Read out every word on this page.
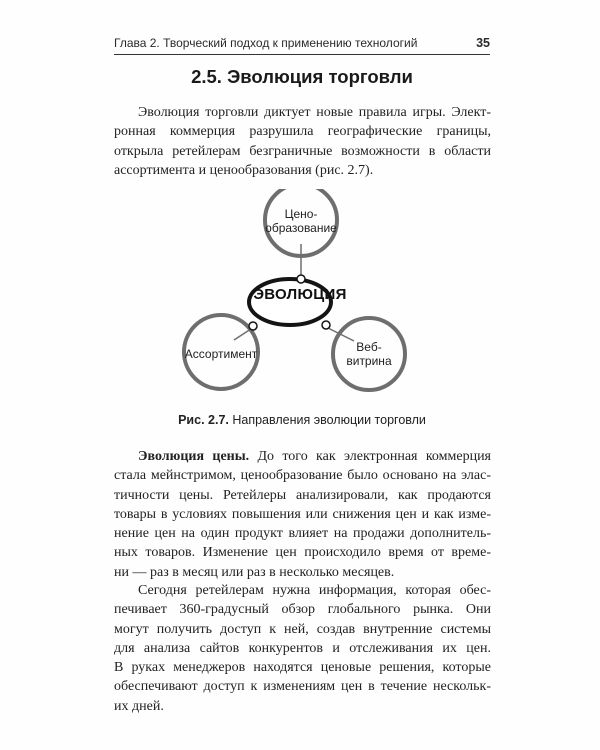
Глава 2. Творческий подход к применению технологий	35
2.5. Эволюция торговли
Эволюция торговли диктует новые правила игры. Элект-
ронная коммерция разрушила географические границы,
открыла ретейлерам безграничные возможности в области
ассортимента и ценообразования (рис. 2.7).
Цено-
образование
Ассортимент	Веб-
витрина
ЭВОЛЮЦИЯ
Рис. 2.7. Направления эволюции торговли
Эволюция цены. До того как электронная коммерция
стала мейнстримом, ценообразование было основано на элас-
тичности цены. Ретейлеры анализировали, как продаются
товары в условиях повышения или снижения цен и как изме-
нение цен на один продукт влияет на продажи дополнитель-
ных товаров. Изменение цен происходило время от време-
ни — раз в месяц или раз в несколько месяцев.
Сегодня ретейлерам нужна информация, которая обес-
печивает 360-градусный обзор глобального рынка. Они
могут получить доступ к ней, создав внутренние системы
для анализа сайтов конкурентов и отслеживания их цен.
В руках менеджеров находятся ценовые решения, которые
обеспечивают доступ к изменениям цен в течение нескольк-
их дней.
